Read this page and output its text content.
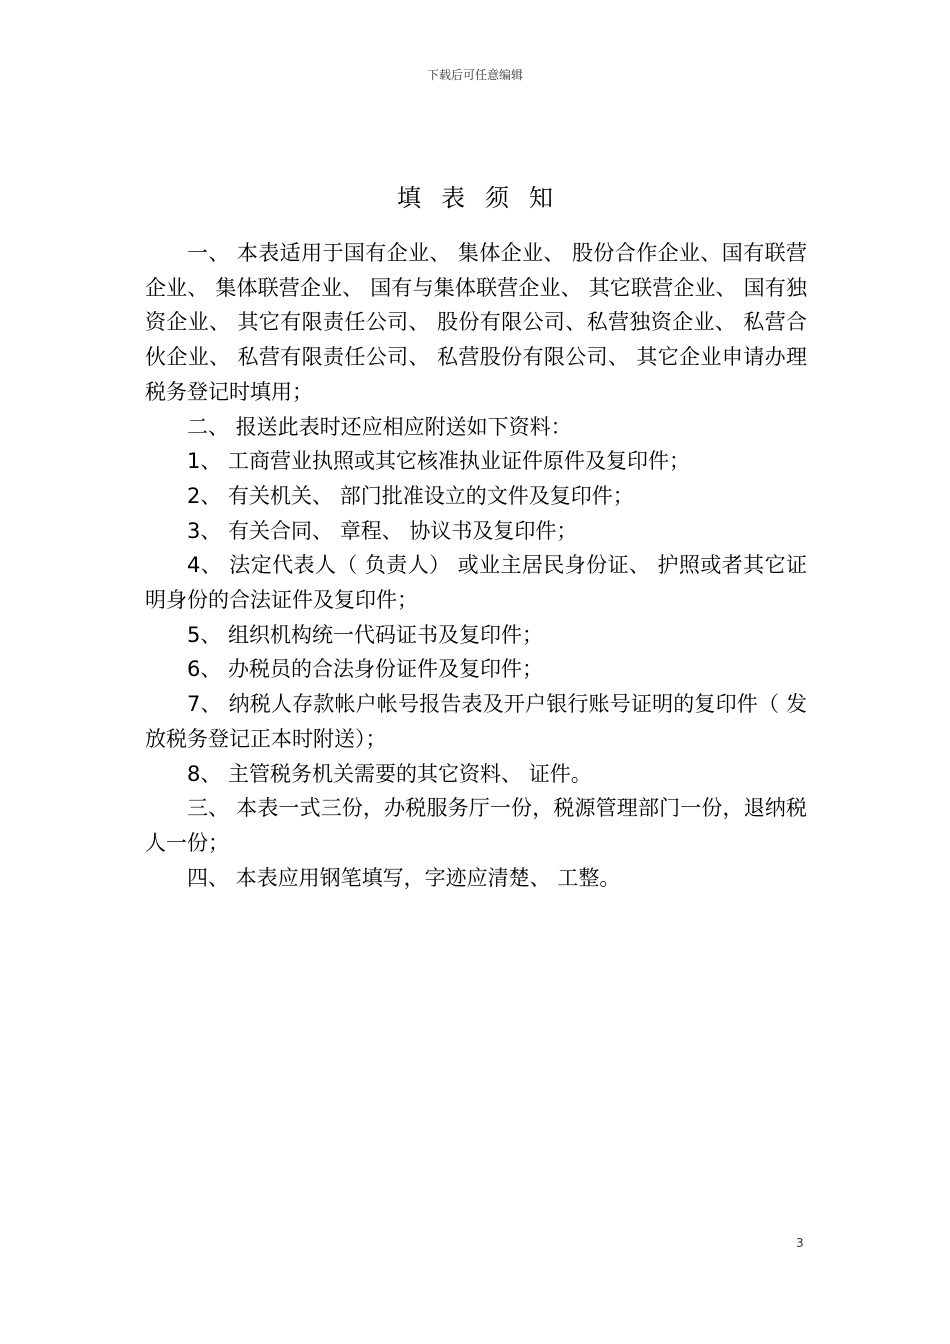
下载后可任意编辑
填表须知

一、 本表适用于国有企业、 集体企业、 股份合作企业、国有联营企业、 集体联营企业、 国有与集体联营企业、 其它联营企业、 国有独资企业、 其它有限责任公司、 股份有限公司、私营独资企业、 私营合伙企业、 私营有限责任公司、 私营股份有限公司、 其它企业申请办理税务登记时填用；

二、 报送此表时还应相应附送如下资料：

1、 工商营业执照或其它核准执业证件原件及复印件；

2、 有关机关、 部门批准设立的文件及复印件；

3、 有关合同、 章程、 协议书及复印件；

4、 法定代表人（ 负责人） 或业主居民身份证、 护照或者其它证明身份的合法证件及复印件；

5、 组织机构统一代码证书及复印件；

6、 办税员的合法身份证件及复印件；

7、 纳税人存款帐户帐号报告表及开户银行账号证明的复印件（ 发放税务登记正本时附送）；

8、 主管税务机关需要的其它资料、 证件。

三、 本表一式三份，办税服务厅一份，税源管理部门一份，退纳税人一份；

四、 本表应用钢笔填写，字迹应清楚、 工整。

3
